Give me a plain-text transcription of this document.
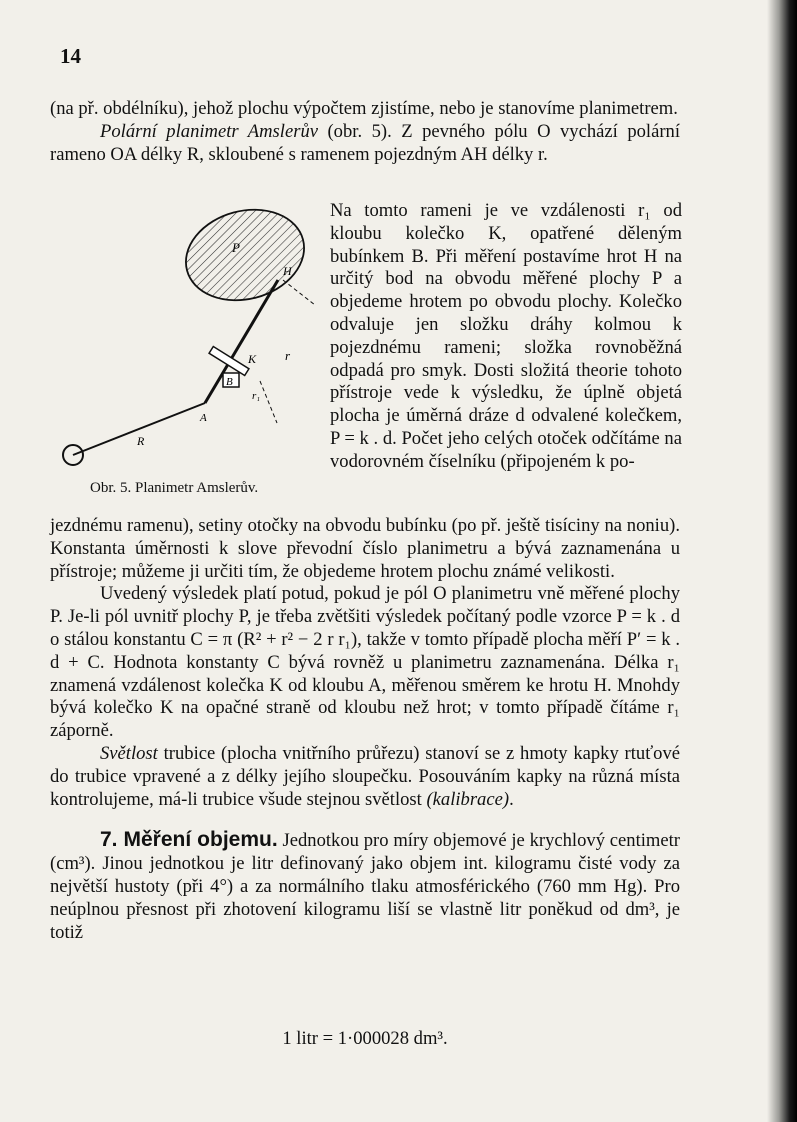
14

(na př. obdélníku), jehož plochu výpočtem zjistíme, nebo je stanovíme planimetrem.

Polární planimetr Amslerův (obr. 5). Z pevného pólu O vychází polární rameno OA délky R, skloubené s ramenem pojezdným AH délky r.

Na tomto rameni je ve vzdálenosti r₁ od kloubu kolečko K, opatřené děleným bubínkem B. Při měření postavíme hrot H na určitý bod na obvodu měřené plochy P a objedeme hrotem po obvodu plochy. Kolečko odvaluje jen složku dráhy kolmou k pojezdnému rameni; složka rovnoběžná odpadá pro smyk. Dosti složitá theorie tohoto přístroje vede k výsledku, že úplně objetá plocha je úměrná dráze d odvalené kolečkem, P = k . d. Počet jeho celých otoček odčítáme na vodorovném číselníku (připojeném k po-
P
H
K
B
A
R
r
r₁
Obr. 5. Planimetr Amslerův.

jezdnému ramenu), setiny otočky na obvodu bubínku (po př. ještě tisíciny na noniu). Konstanta úměrnosti k slove převodní číslo planimetru a bývá zaznamenána u přístroje; můžeme ji určiti tím, že objedeme hrotem plochu známé velikosti.

Uvedený výsledek platí potud, pokud je pól O planimetru vně měřené plochy P. Je-li pól uvnitř plochy P, je třeba zvětšiti výsledek počítaný podle vzorce P = k . d o stálou konstantu C = π (R² + r² − 2 r r₁), takže v tomto případě plocha měří P′ = k . d + C. Hodnota konstanty C bývá rovněž u planimetru zaznamenána. Délka r₁ znamená vzdálenost kolečka K od kloubu A, měřenou směrem ke hrotu H. Mnohdy bývá kolečko K na opačné straně od kloubu než hrot; v tomto případě čítáme r₁ záporně.

Světlost trubice (plocha vnitřního průřezu) stanoví se z hmoty kapky rtuťové do trubice vpravené a z délky jejího sloupečku. Posouváním kapky na různá místa kontrolujeme, má-li trubice všude stejnou světlost (kalibrace).

7. Měření objemu. Jednotkou pro míry objemové je krychlový centimetr (cm³). Jinou jednotkou je litr definovaný jako objem int. kilogramu čisté vody za největší hustoty (při 4°) a za normálního tlaku atmosférického (760 mm Hg). Pro neúplnou přesnost při zhotovení kilogramu liší se vlastně litr poněkud od dm³, je totiž

1 litr = 1·000028 dm³.
